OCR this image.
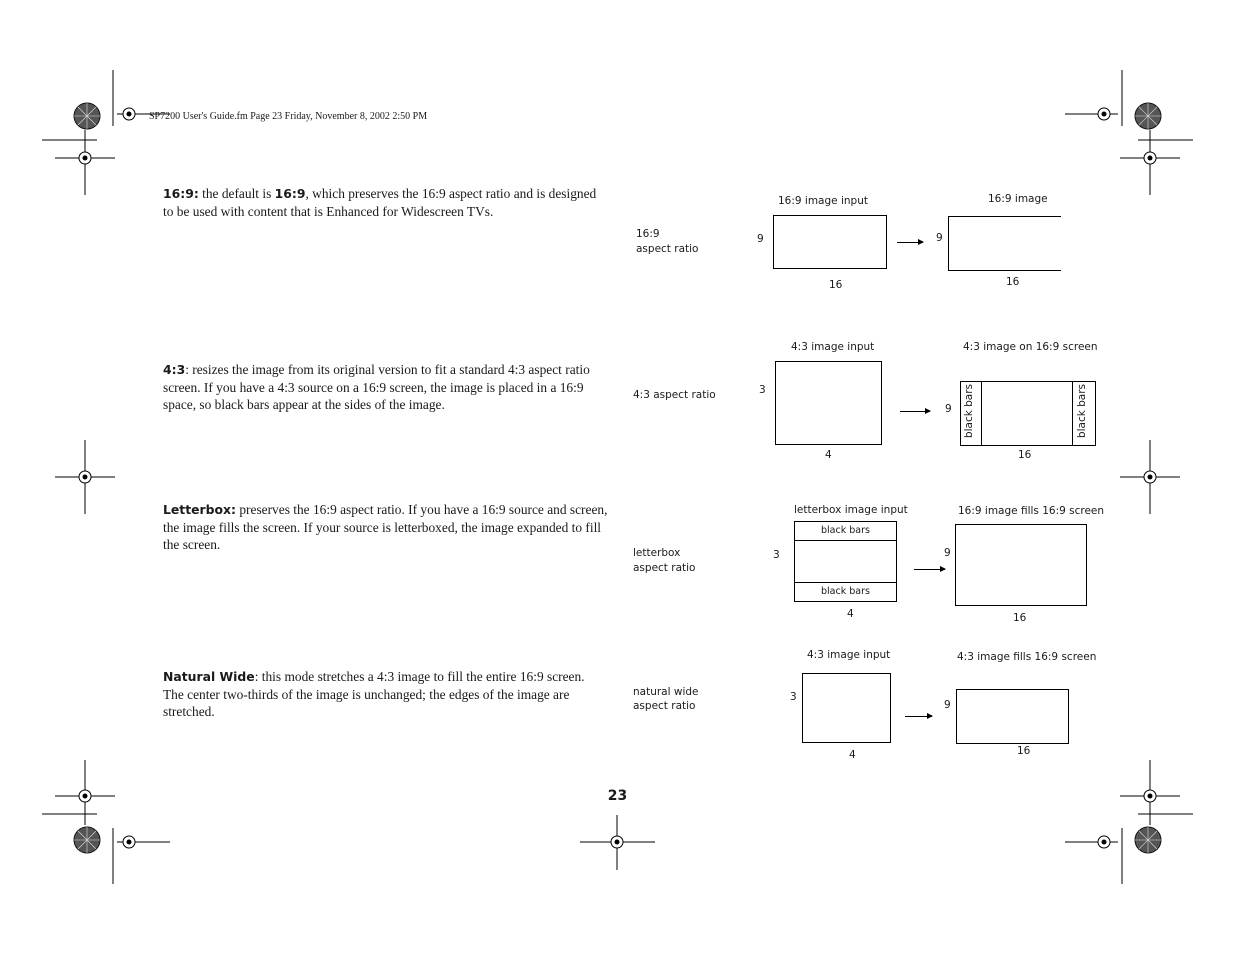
SP7200 User's Guide.fm Page 23 Friday, November 8, 2002 2:50 PM
16:9: the default is 16:9, which preserves the 16:9 aspect ratio and is designed to be used with content that is Enhanced for Widescreen TVs.
4:3: resizes the image from its original version to fit a standard 4:3 aspect ratio screen. If you have a 4:3 source on a 16:9 screen, the image is placed in a 16:9 space, so black bars appear at the sides of the image.
Letterbox: preserves the 16:9 aspect ratio. If you have a 16:9 source and screen, the image fills the screen. If your source is letterboxed, the image expanded to fill the screen.
Natural Wide: this mode stretches a 4:3 image to fill the entire 16:9 screen. The center two-thirds of the image is unchanged; the edges of the image are stretched.
16:9
aspect ratio
16:9 image input
9
16
16:9 image
9
16
4:3 aspect ratio
4:3 image input
3
4
4:3 image on 16:9 screen
9 black bars	black bars
16
letterbox
aspect ratio
letterbox image input
3
black bars
black bars
4
16:9 image fills 16:9 screen
9
16
natural wide
aspect ratio
4:3 image input
3
4
4:3 image fills 16:9 screen
9
16
23
